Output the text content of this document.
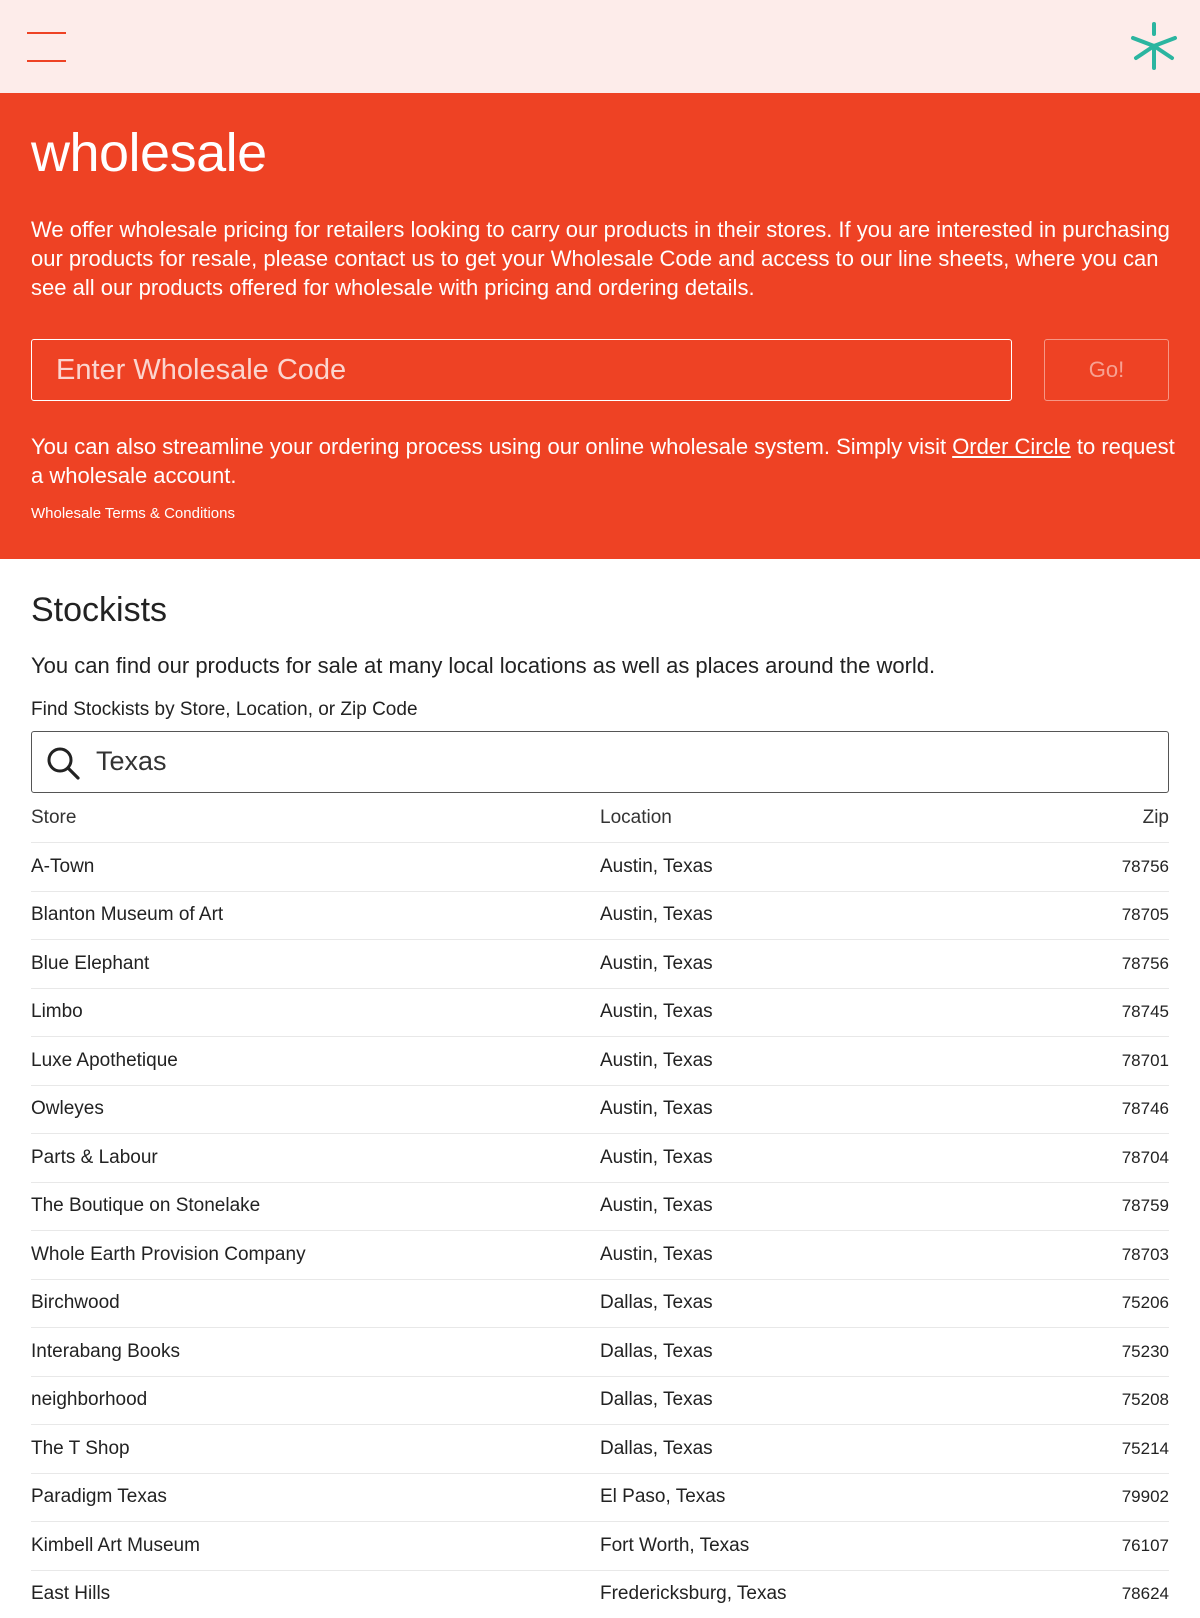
wholesale

We offer wholesale pricing for retailers looking to carry our products in their stores. If you are interested in purchasing our products for resale, please contact us to get your Wholesale Code and access to our line sheets, where you can see all our products offered for wholesale with pricing and ordering details.

Enter Wholesale Code
Go!

You can also streamline your ordering process using our online wholesale system. Simply visit Order Circle to request a wholesale account.

Wholesale Terms & Conditions
Stockists

You can find our products for sale at many local locations as well as places around the world.

Find Stockists by Store, Location, or Zip Code
Texas
Store	Location	Zip
A-Town	Austin, Texas	78756
Blanton Museum of Art	Austin, Texas	78705
Blue Elephant	Austin, Texas	78756
Limbo	Austin, Texas	78745
Luxe Apothetique	Austin, Texas	78701
Owleyes	Austin, Texas	78746
Parts & Labour	Austin, Texas	78704
The Boutique on Stonelake	Austin, Texas	78759
Whole Earth Provision Company	Austin, Texas	78703
Birchwood	Dallas, Texas	75206
Interabang Books	Dallas, Texas	75230
neighborhood	Dallas, Texas	75208
The T Shop	Dallas, Texas	75214
Paradigm Texas	El Paso, Texas	79902
Kimbell Art Museum	Fort Worth, Texas	76107
East Hills	Fredericksburg, Texas	78624
